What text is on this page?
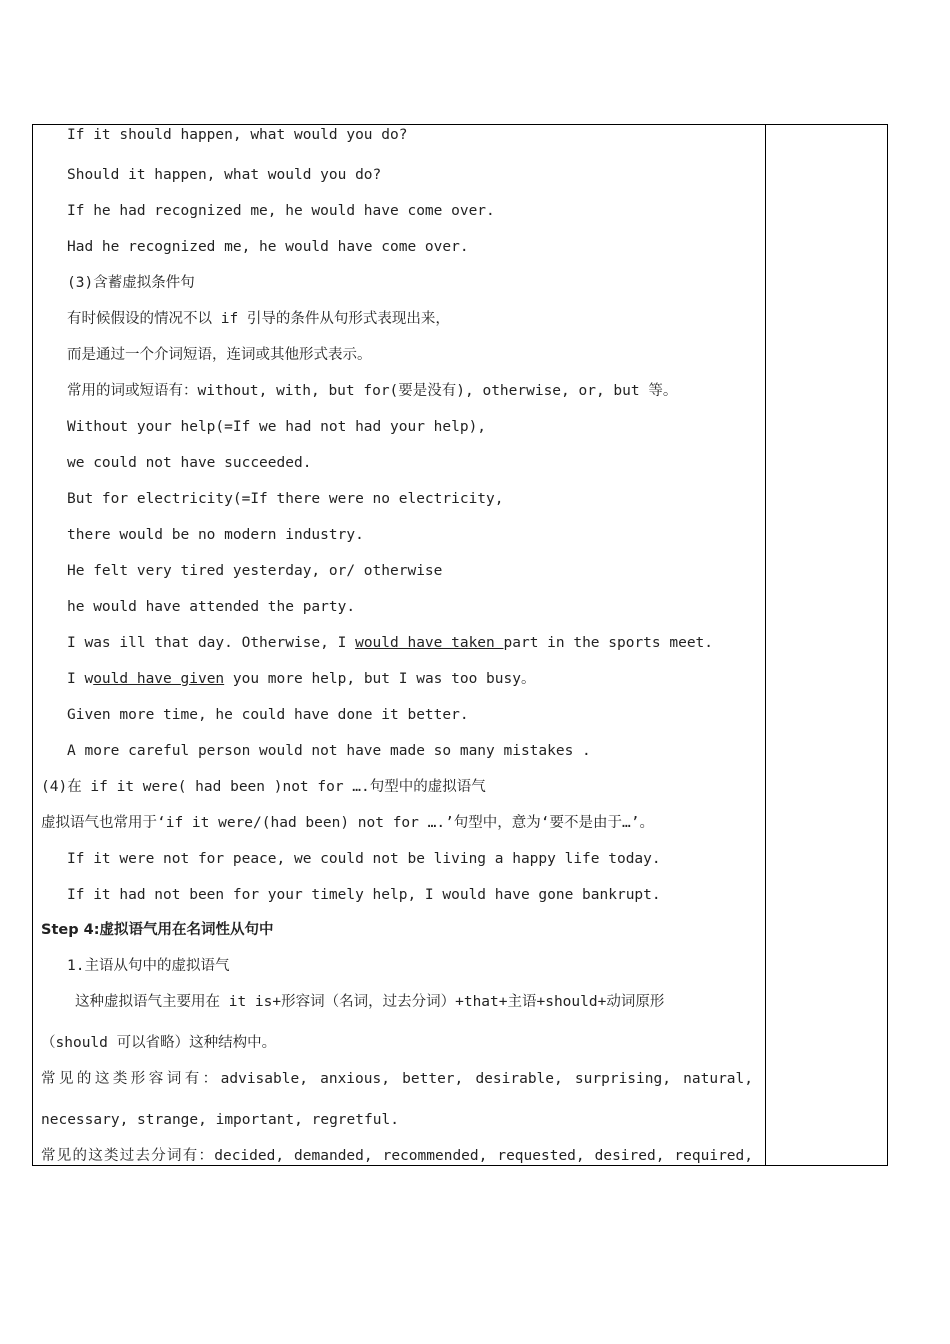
If it should happen, what would you do?
Should it happen, what would you do?
If he had recognized me, he would have come over.
Had he recognized me, he would have come over.
(3)含蓄虚拟条件句
有时候假设的情况不以 if 引导的条件从句形式表现出来，
而是通过一个介词短语，连词或其他形式表示。
常用的词或短语有：without, with, but for(要是没有), otherwise, or, but 等。
Without your help(=If we had not had your help),
we could not have succeeded.
But for electricity(=If there were no electricity,
there would be no modern industry.
He felt very tired yesterday, or/ otherwise
he would have attended the party.
I was ill that day. Otherwise, I would have taken part in the sports meet.
I would have given you more help, but I was too busy。
Given more time, he could have done it better.
A more careful person would not have made so many mistakes .
(4)在 if it were( had been )not for ….句型中的虚拟语气
虚拟语气也常用于‘if it were/(had been) not for ….’句型中，意为‘要不是由于…’。
If it were not for peace, we could not be living a happy life today.
If it had not been for your timely help, I would have gone bankrupt.
Step 4:虚拟语气用在名词性从句中
1.主语从句中的虚拟语气
这种虚拟语气主要用在 it is+形容词（名词，过去分词）+that+主语+should+动词原形
（should 可以省略）这种结构中。
常见的这类形容词有：advisable, anxious, better, desirable, surprising, natural,
necessary, strange, important, regretful.
常见的这类过去分词有：decided, demanded, recommended, requested, desired, required,
